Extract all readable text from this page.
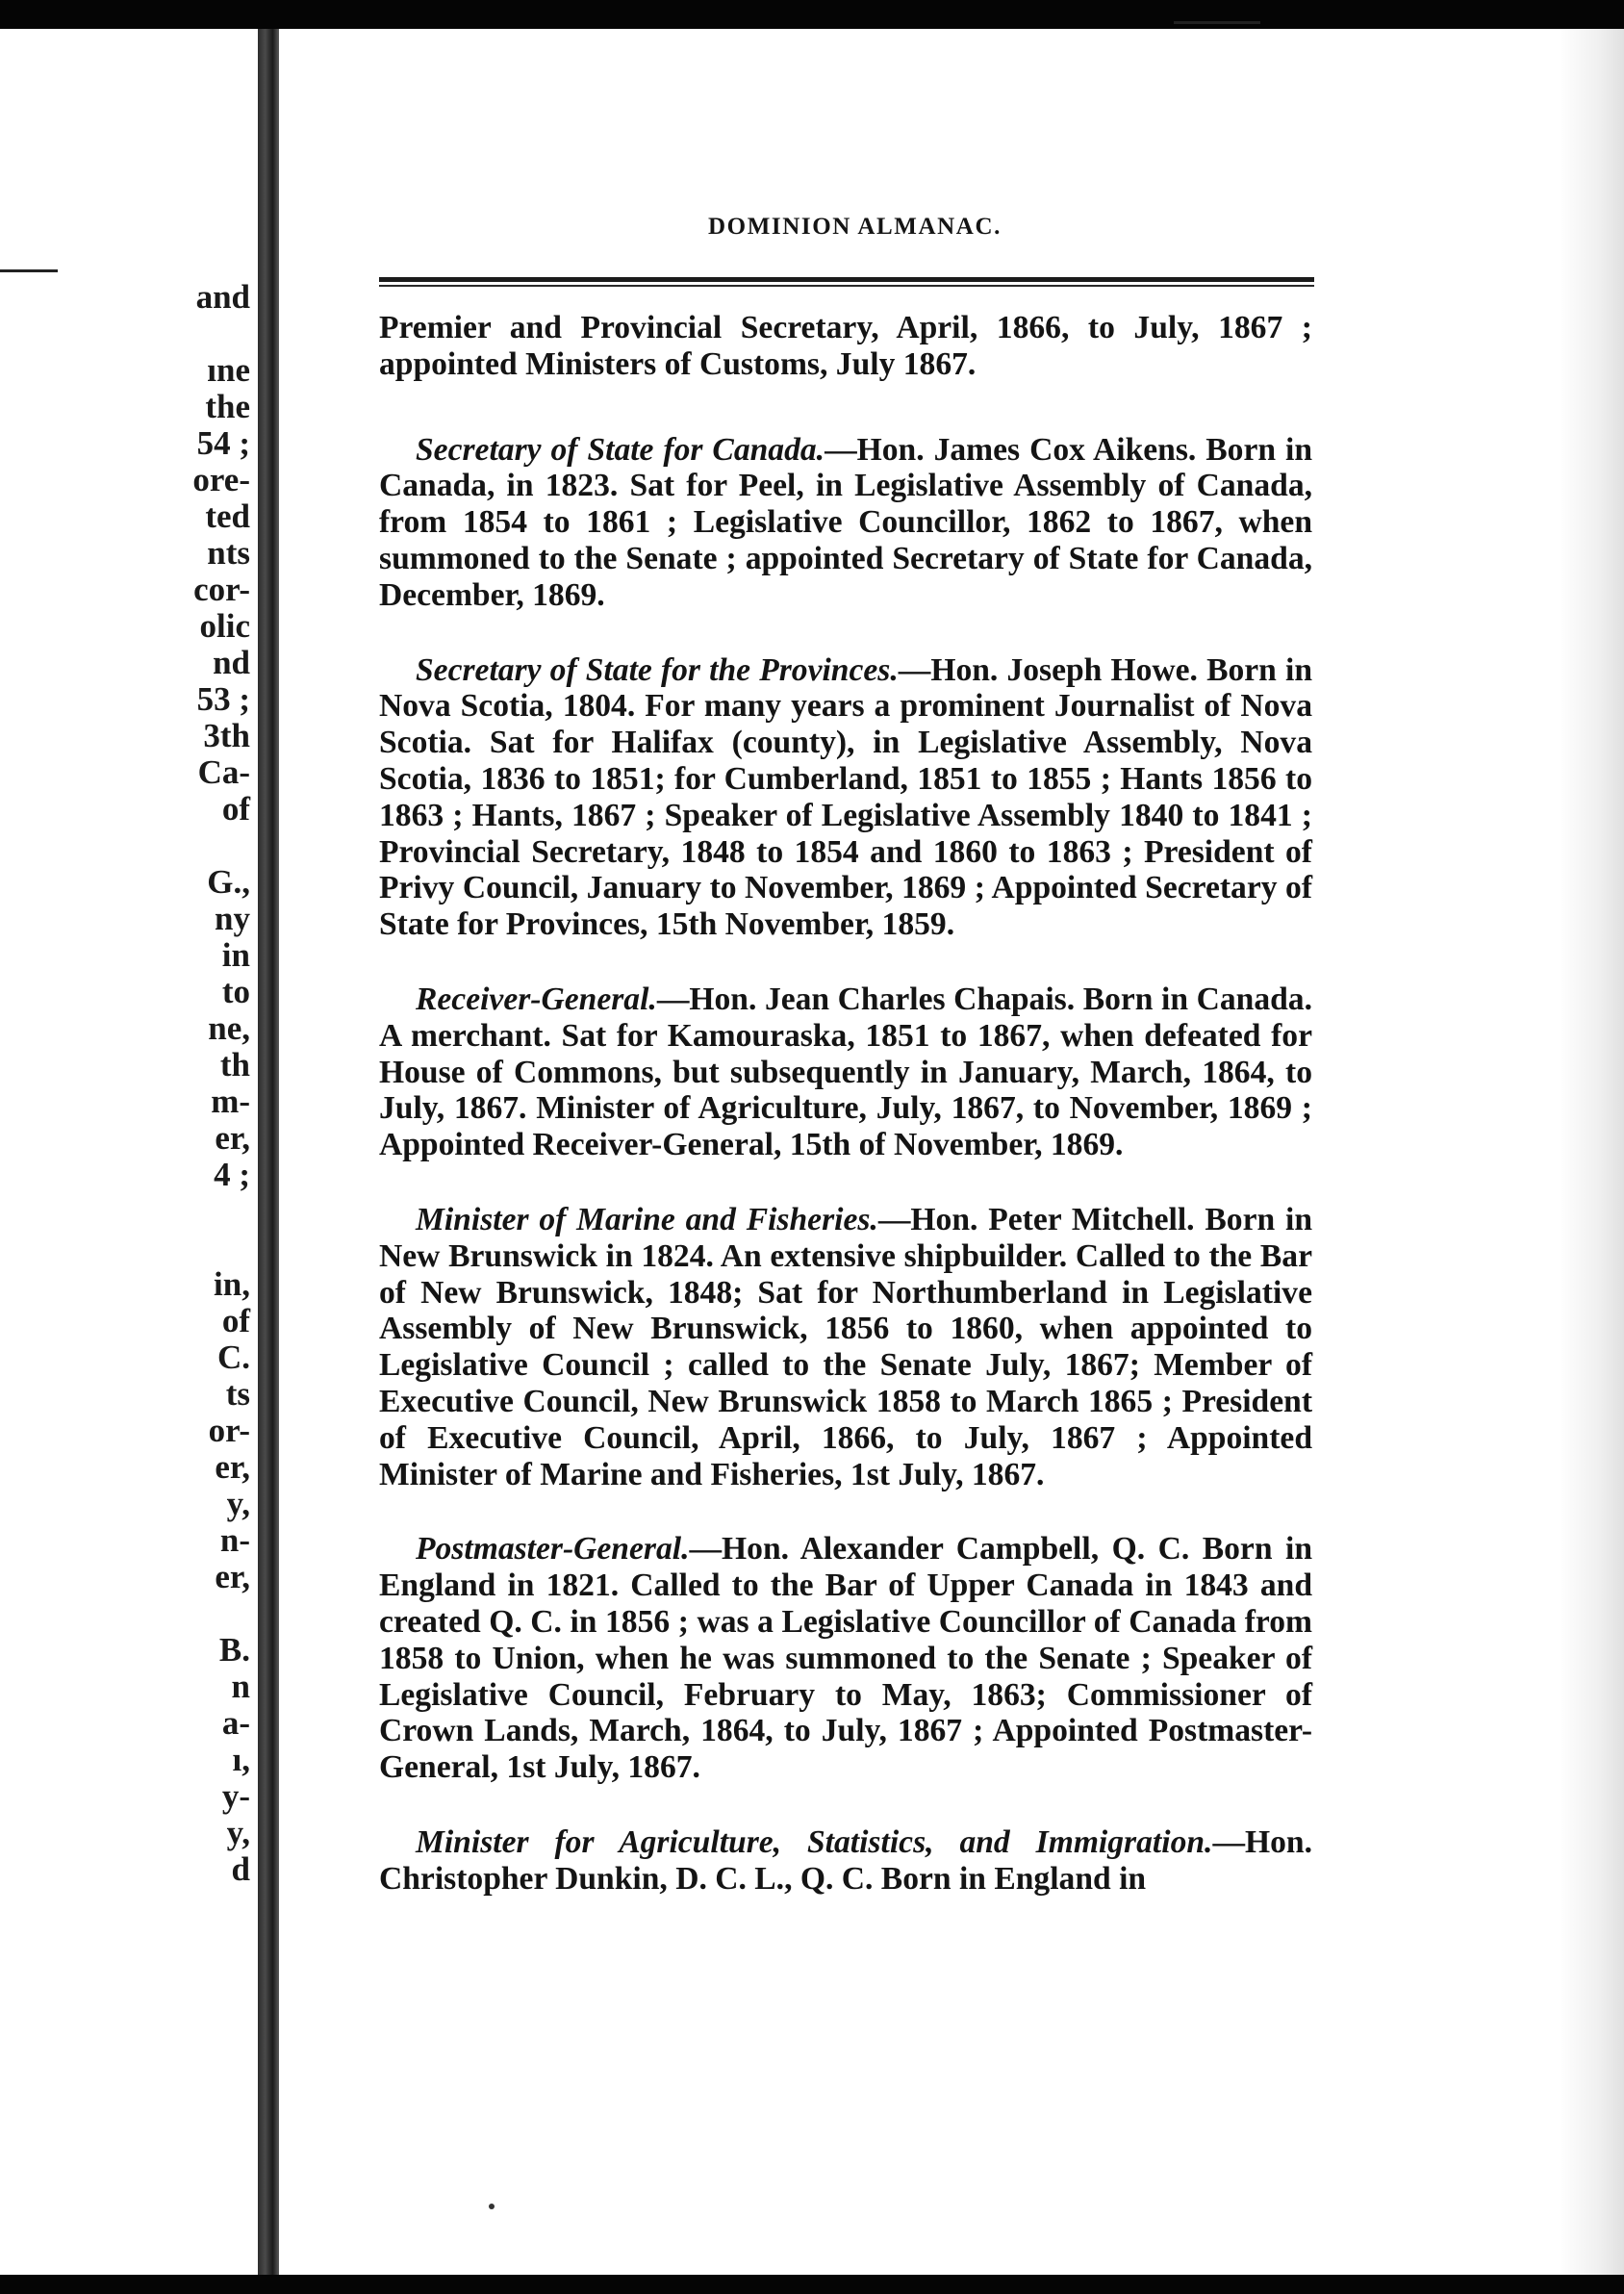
and
ıne
the
54 ;
ore-
ted
nts
cor-
olic
nd
53 ;
3th
Ca-
of
G.,
ny
in
to
ne,
th
m-
er,
4 ;
in,
of
C.
ts
or-
er,
y,
n-
er,
B.
n
a-
ı,
y-
y,
d
DOMINION ALMANAC.

Premier and Provincial Secretary, April, 1866, to July, 1867 ; appointed Ministers of Customs, July 1867.

Secretary of State for Canada.—Hon. James Cox Aikens. Born in Canada, in 1823. Sat for Peel, in Legislative Assembly of Canada, from 1854 to 1861 ; Legislative Councillor, 1862 to 1867, when summoned to the Senate ; appointed Secretary of State for Canada, December, 1869.

Secretary of State for the Provinces.—Hon. Joseph Howe. Born in Nova Scotia, 1804. For many years a prominent Journalist of Nova Scotia. Sat for Halifax (county), in Legislative Assembly, Nova Scotia, 1836 to 1851; for Cumberland, 1851 to 1855 ; Hants 1856 to 1863 ; Hants, 1867 ; Speaker of Legislative Assembly 1840 to 1841 ; Provincial Secretary, 1848 to 1854 and 1860 to 1863 ; President of Privy Council, January to November, 1869 ; Appointed Secretary of State for Provinces, 15th November, 1859.

Receiver-General.—Hon. Jean Charles Chapais. Born in Canada. A merchant. Sat for Kamouraska, 1851 to 1867, when defeated for House of Commons, but subsequently in January, March, 1864, to July, 1867. Minister of Agriculture, July, 1867, to November, 1869 ; Appointed Receiver-General, 15th of November, 1869.

Minister of Marine and Fisheries.—Hon. Peter Mitchell. Born in New Brunswick in 1824. An extensive shipbuilder. Called to the Bar of New Brunswick, 1848; Sat for Northumberland in Legislative Assembly of New Brunswick, 1856 to 1860, when appointed to Legislative Council ; called to the Senate July, 1867; Member of Executive Council, New Brunswick 1858 to March 1865 ; President of Executive Council, April, 1866, to July, 1867 ; Appointed Minister of Marine and Fisheries, 1st July, 1867.

Postmaster-General.—Hon. Alexander Campbell, Q. C. Born in England in 1821. Called to the Bar of Upper Canada in 1843 and created Q. C. in 1856 ; was a Legislative Councillor of Canada from 1858 to Union, when he was summoned to the Senate ; Speaker of Legislative Council, February to May, 1863; Commissioner of Crown Lands, March, 1864, to July, 1867 ; Appointed Postmaster-General, 1st July, 1867.

Minister for Agriculture, Statistics, and Immigration.—Hon. Christopher Dunkin, D. C. L., Q. C. Born in England in
